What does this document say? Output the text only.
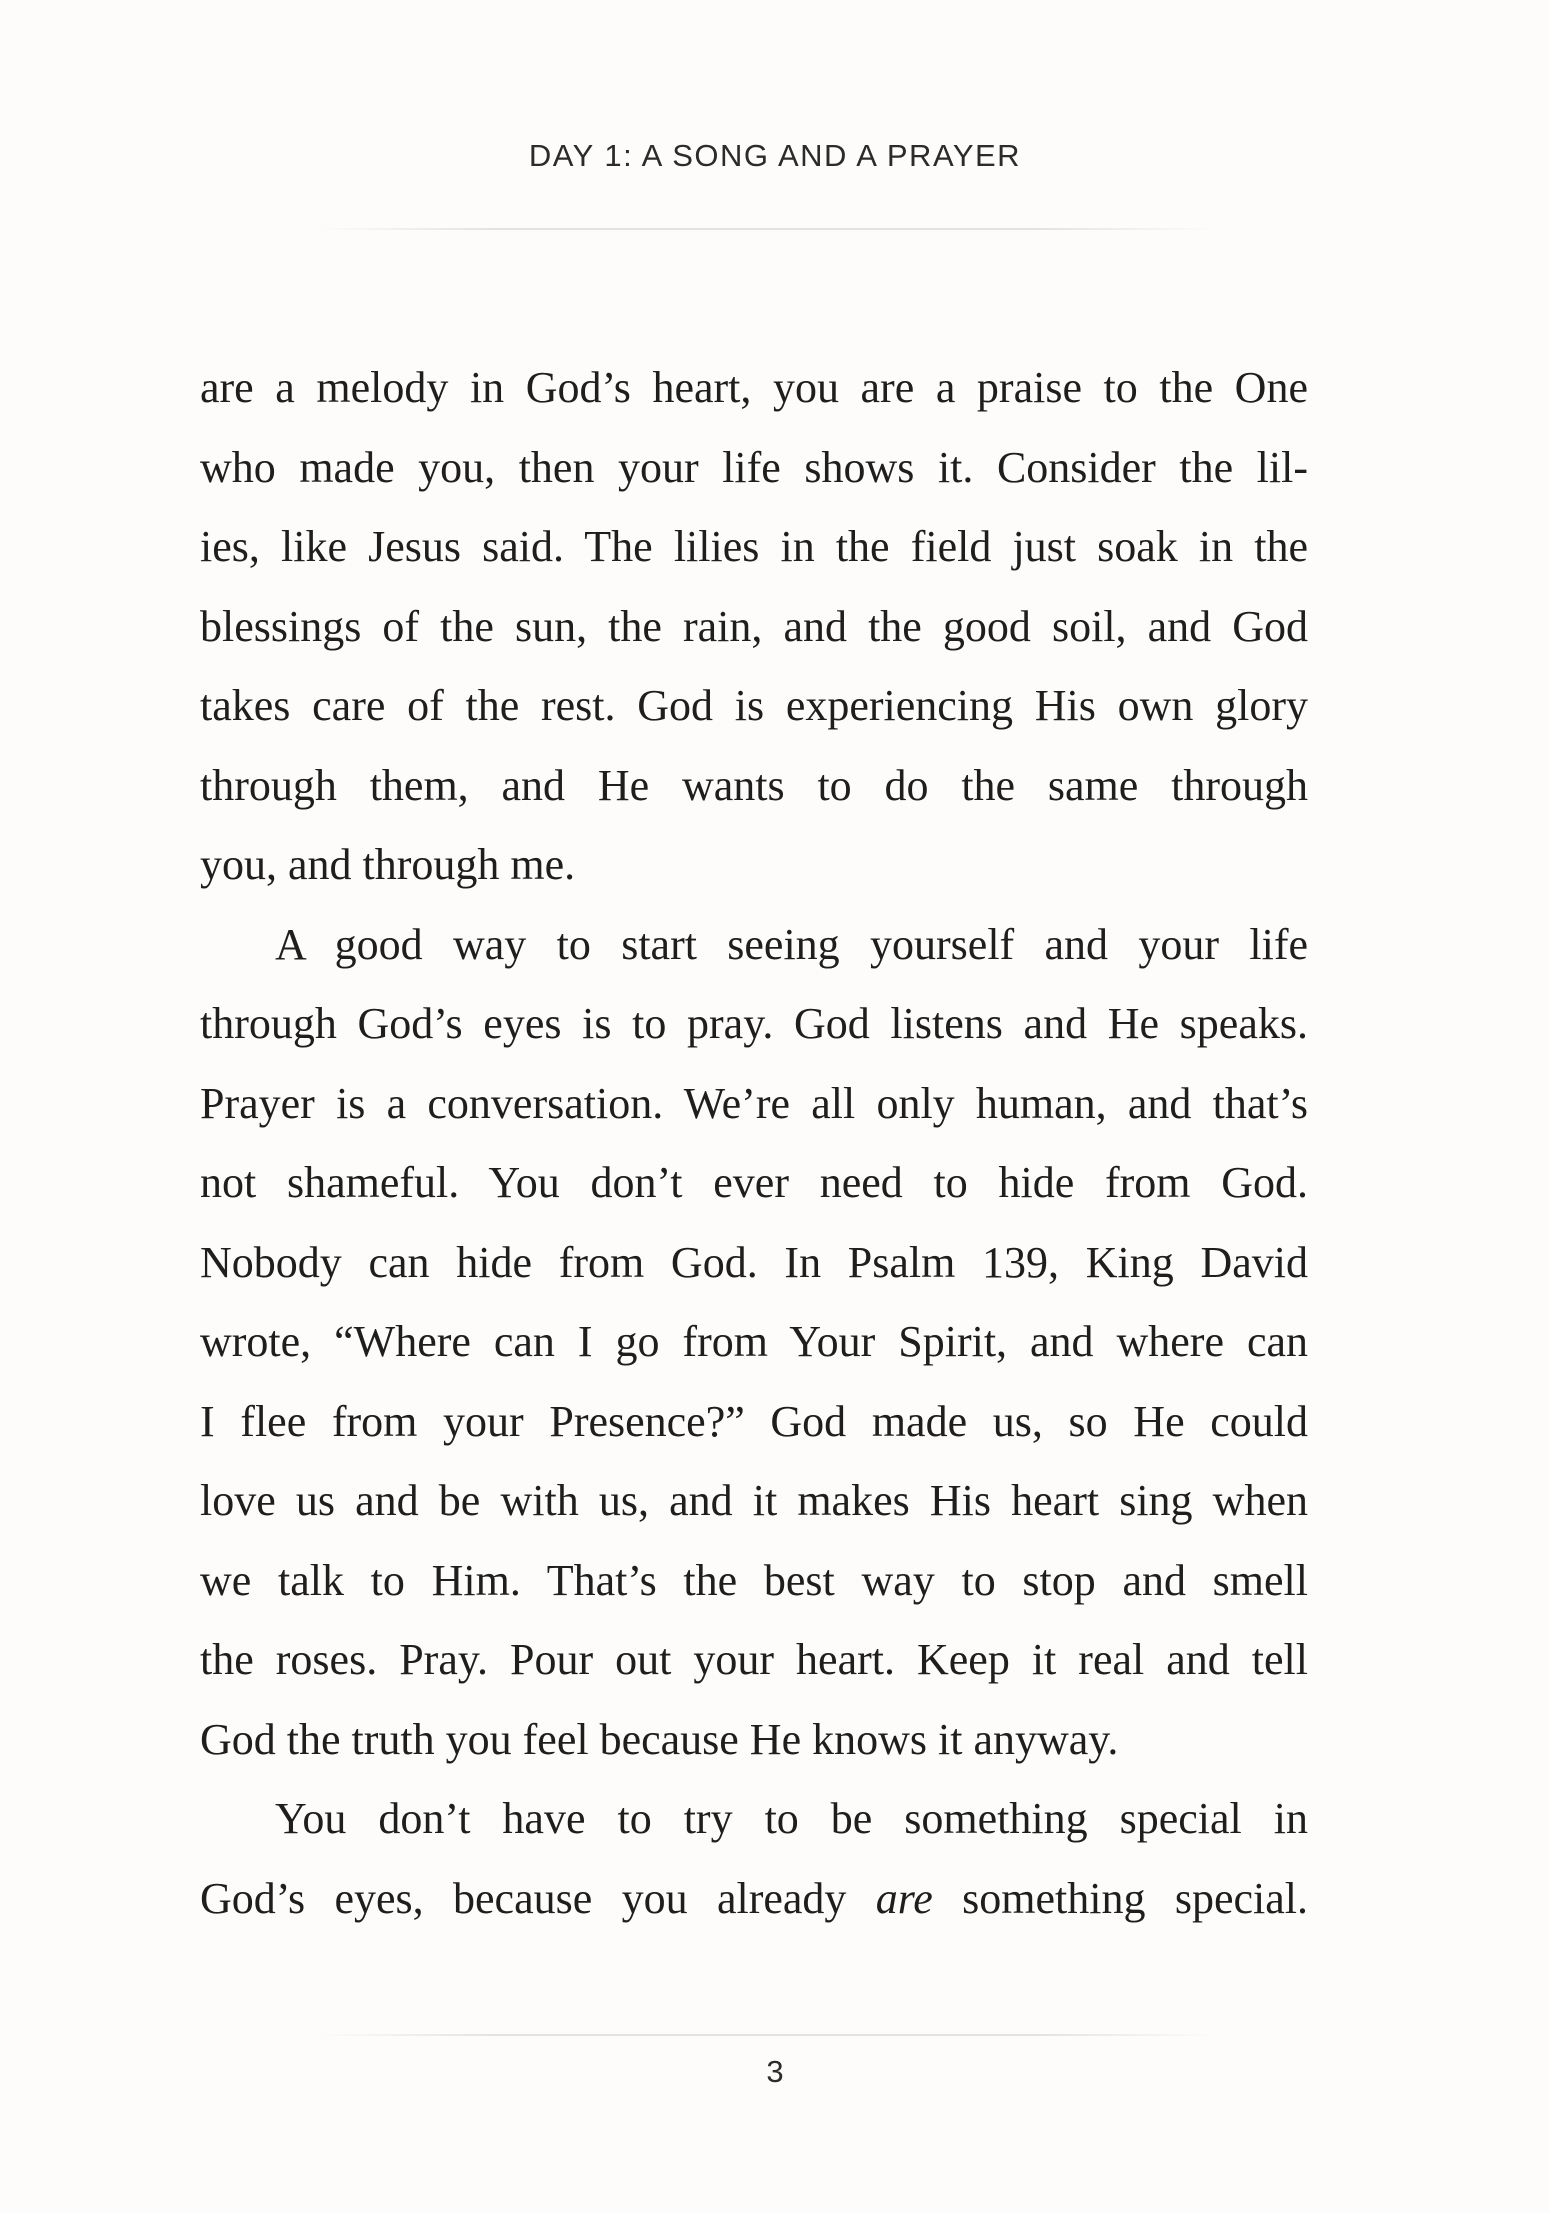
DAY 1: A SONG AND A PRAYER

are a melody in God’s heart, you are a praise to the One
who made you, then your life shows it. Consider the lil-
ies, like Jesus said. The lilies in the field just soak in the
blessings of the sun, the rain, and the good soil, and God
takes care of the rest. God is experiencing His own glory
through them, and He wants to do the same through
you, and through me.

A good way to start seeing yourself and your life
through God’s eyes is to pray. God listens and He speaks.
Prayer is a conversation. We’re all only human, and that’s
not shameful. You don’t ever need to hide from God.
Nobody can hide from God. In Psalm 139, King David
wrote, “Where can I go from Your Spirit, and where can
I flee from your Presence?” God made us, so He could
love us and be with us, and it makes His heart sing when
we talk to Him. That’s the best way to stop and smell
the roses. Pray. Pour out your heart. Keep it real and tell
God the truth you feel because He knows it anyway.

You don’t have to try to be something special in
God’s eyes, because you already are something special.

3
